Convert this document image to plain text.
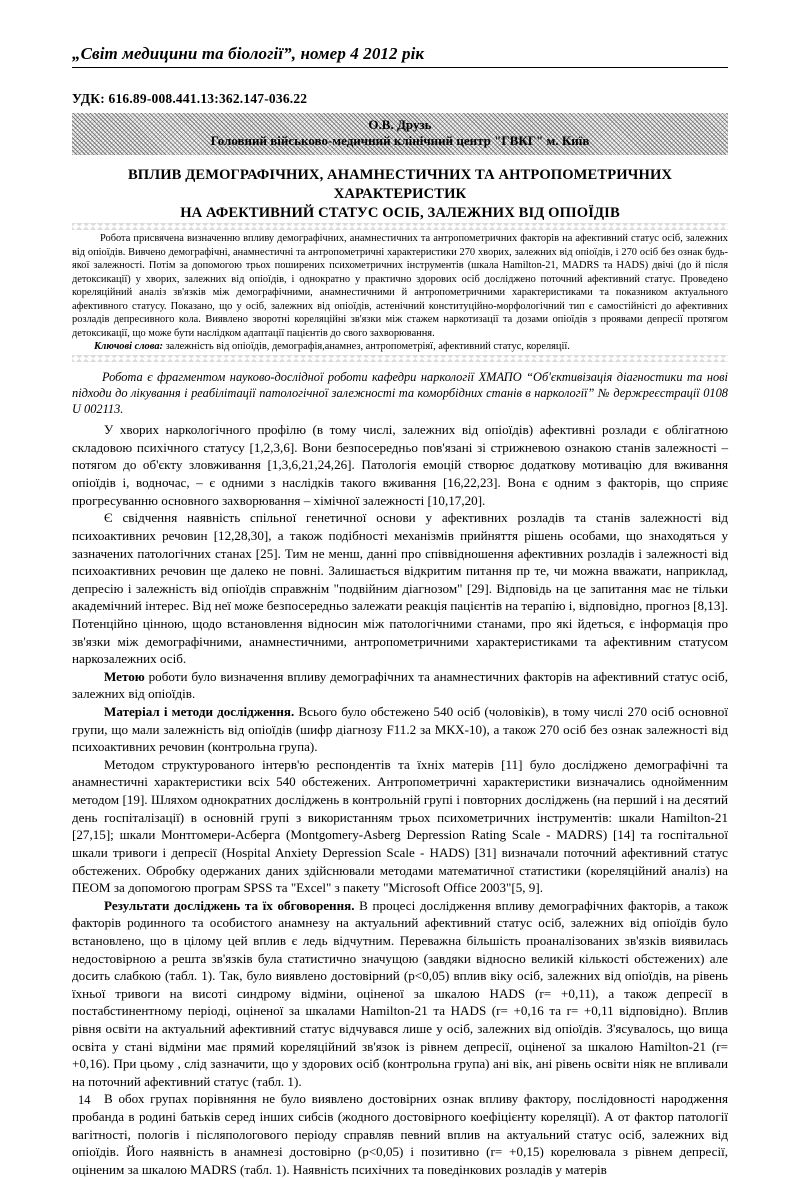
„Світ медицини та біології”, номер 4 2012 рік
УДК: 616.89-008.441.13:362.147-036.22
О.В. Друзь
Головний військово-медичний клінічний центр "ГВКГ" м. Київ
ВПЛИВ ДЕМОГРАФІЧНИХ, АНАМНЕСТИЧНИХ ТА АНТРОПОМЕТРИЧНИХ ХАРАКТЕРИСТИК
НА АФЕКТИВНИЙ СТАТУС ОСІБ, ЗАЛЕЖНИХ ВІД ОПІОЇДІВ

Робота присвячена визначенню впливу демографічних, анамнестичних та антропометричних факторів на афективний статус осіб, залежних від опіоїдів. Вивчено демографічні, анамнестичні та антропометричні характеристики 270 хворих, залежних від опіоїдів, і 270 осіб без ознак будь-якої залежності. Потім за допомогою трьох поширених психометричних інструментів (шкала Hamilton-21, MADRS та HADS) двічі (до й після детоксикації) у хворих, залежних від опіоїдів, і однократно у практично здорових осіб досліджено поточний афективний статус. Проведено кореляційний аналіз зв'язків між демографічними, анамнестичними й антропометричними характеристиками та показником актуального афективного статусу. Показано, що у осіб, залежних від опіоїдів, астенічний конституційно-морфологічний тип є самостійністі до афективних розладів депресивного кола. Виявлено зворотні кореляційні зв'язки між стажем наркотизації та дозами опіоїдів з проявами депресії протягом детоксикації, що може бути наслідком адаптації пацієнтів до свого захворювання.

Ключові слова: залежність від опіоїдів, демографія,анамнез, антропометріяї, афективний статус, кореляції.

Робота є фрагментом науково-дослідної роботи кафедри наркології ХМАПО “Об'єктивізація діагностики та нові підходи до лікування і реабілітації патологічної залежності та коморбідних станів в наркології” № держреєстрації 0108 U 002113.

У хворих наркологічного профілю (в тому числі, залежних від опіоїдів) афективні розлади є облігатною складовою психічного статусу [1,2,3,6]. Вони безпосередньо пов'язані зі стрижневою ознакою станів залежності – потягом до об'єкту зловживання [1,3,6,21,24,26]. Патологія емоцій створює додаткову мотивацію для вживання опіоїдів і, водночас, – є одними з наслідків такого вживання [16,22,23]. Вона є одним з факторів, що сприяє прогресуванню основного захворювання – хімічної залежності [10,17,20].

Є свідчення наявність спільної генетичної основи у афективних розладів та станів залежності від психоактивних речовин [12,28,30], а також подібності механізмів прийняття рішень особами, що знаходяться у зазначених патологічних станах [25]. Тим не менш, данні про співвідношення афективних розладів і залежності від психоактивних речовин ще далеко не повні. Залишається відкритим питання пр те, чи можна вважати, наприклад, депресію і залежність від опіоїдів справжнім "подвійним діагнозом" [29]. Відповідь на це запитання має не тільки академічний інтерес. Від неї може безпосередньо залежати реакція пацієнтів на терапію і, відповідно, прогноз [8,13]. Потенційно цінною, щодо встановлення відносин між патологічними станами, про які йдеться, є інформація про зв'язки між демографічними, анамнестичними, антропометричними характеристиками та афективним статусом наркозалежних осіб.

Метою роботи було визначення впливу демографічних та анамнестичних факторів на афективний статус осіб, залежних від опіоїдів.

Матеріал і методи дослідження. Всього було обстежено 540 осіб (чоловіків), в тому числі 270 осіб основної групи, що мали залежність від опіоїдів (шифр діагнозу F11.2 за МКХ-10), а також 270 осіб без ознак залежності від психоактивних речовин (контрольна група).

Методом структурованого інтерв'ю респондентів та їхніх матерів [11] було досліджено демографічні та анамнестичні характеристики всіх 540 обстежених. Антропометричні характеристики визначались однойменним методом [19]. Шляхом однократних досліджень в контрольній групі і повторних досліджень (на перший і на десятий день госпіталізації) в основній групі з використанням трьох психометричних інструментів: шкали Hamilton-21 [27,15]; шкали Монтгомери-Асберга (Montgomery-Asberg Depression Rating Scale - MADRS) [14] та госпітальної шкали тривоги і депресії (Hospital Anxiety Depression Scale - HADS) [31] визначали поточний афективний статус обстежених. Обробку одержаних даних здійснювали методами математичної статистики (кореляційний аналіз) на ПЕОМ за допомогою програм SPSS та "Excel" з пакету "Microsoft Office 2003"[5, 9].

Результати досліджень та їх обговорення. В процесі дослідження впливу демографічних факторів, а також факторів родинного та особистого анамнезу на актуальний афективний статус осіб, залежних від опіоїдів було встановлено, що в цілому цей вплив є ледь відчутним. Переважна більшість проаналізованих зв'язків виявилась недостовірною а решта зв'язків була статистично значущою (завдяки відносно великій кількості обстежених) але досить слабкою (табл. 1). Так, було виявлено достовірний (p<0,05) вплив віку осіб, залежних від опіоїдів, на рівень їхньої тривоги на висоті синдрому відміни, оціненої за шкалою HADS (r= +0,11), а також депресії в постабстинентному періоді, оціненої за шкалами Hamilton-21 та HADS (r= +0,16 та r= +0,11 відповідно). Вплив рівня освіти на актуальний афективний статус відчувався лише у осіб, залежних від опіоїдів. З'ясувалось, що вища освіта у стані відміни має прямий кореляційний зв'язок із рівнем депресії, оціненої за шкалою Hamilton-21 (r= +0,16). При цьому , слід зазначити, що у здорових осіб (контрольна група) ані вік, ані рівень освіти ніяк не впливали на поточний афективний статус (табл. 1).

В обох групах порівняння не було виявлено достовірних ознак впливу фактору, послідовності народження пробанда в родині батьків серед інших сибсів (жодного достовірного коефіцієнту кореляції). А от фактор патології вагітності, пологів і післяпологового періоду справляв певний вплив на актуальний статус осіб, залежних від опіоїдів. Його наявність в анамнезі достовірно (p<0,05) і позитивно (r= +0,15) корелювала з рівнем депресії, оціненим за шкалою MADRS (табл. 1). Наявність психічних та поведінкових розладів у матерів

14
